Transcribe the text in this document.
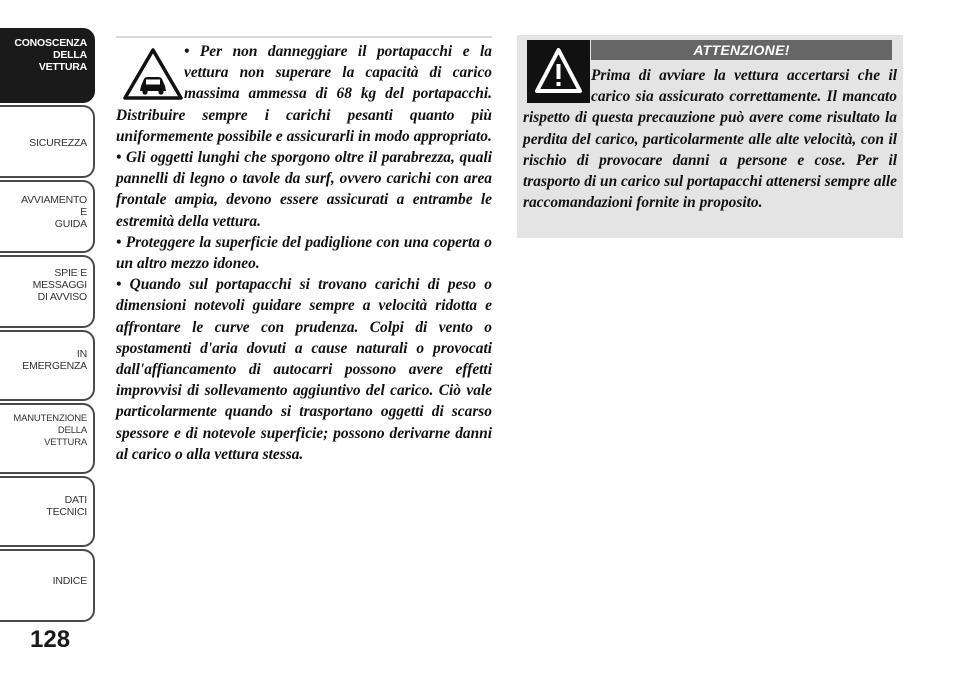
CONOSCENZA
DELLA
VETTURA
SICUREZZA
AVVIAMENTO
E
GUIDA
SPIE E
MESSAGGI
DI AVVISO
IN
EMERGENZA
MANUTENZIONE
DELLA
VETTURA
DATI
TECNICI
INDICE
128

• Per non danneggiare il portapacchi e la vettura non superare la capacità di carico massima ammessa di 68 kg del portapacchi. Distribuire sempre i carichi pesanti quanto più uniformemente possibile e assicurarli in modo appropriato.
• Gli oggetti lunghi che sporgono oltre il parabrezza, quali pannelli di legno o tavole da surf, ovvero carichi con area frontale ampia, devono essere assicurati a entrambe le estremità della vettura.
• Proteggere la superficie del padiglione con una coperta o un altro mezzo idoneo.
• Quando sul portapacchi si trovano carichi di peso o dimensioni notevoli guidare sempre a velocità ridotta e affrontare le curve con prudenza. Colpi di vento o spostamenti d'aria dovuti a cause naturali o provocati dall'affiancamento di autocarri possono avere effetti improvvisi di sollevamento aggiuntivo del carico. Ciò vale particolarmente quando si trasportano oggetti di scarso spessore e di notevole superficie; possono derivarne danni al carico o alla vettura stessa.

ATTENZIONE!

Prima di avviare la vettura accertarsi che il carico sia assicurato correttamente. Il mancato rispetto di questa precauzione può avere come risultato la perdita del carico, particolarmente alle alte velocità, con il rischio di provocare danni a persone e cose. Per il trasporto di un carico sul portapacchi attenersi sempre alle raccomandazioni fornite in proposito.
